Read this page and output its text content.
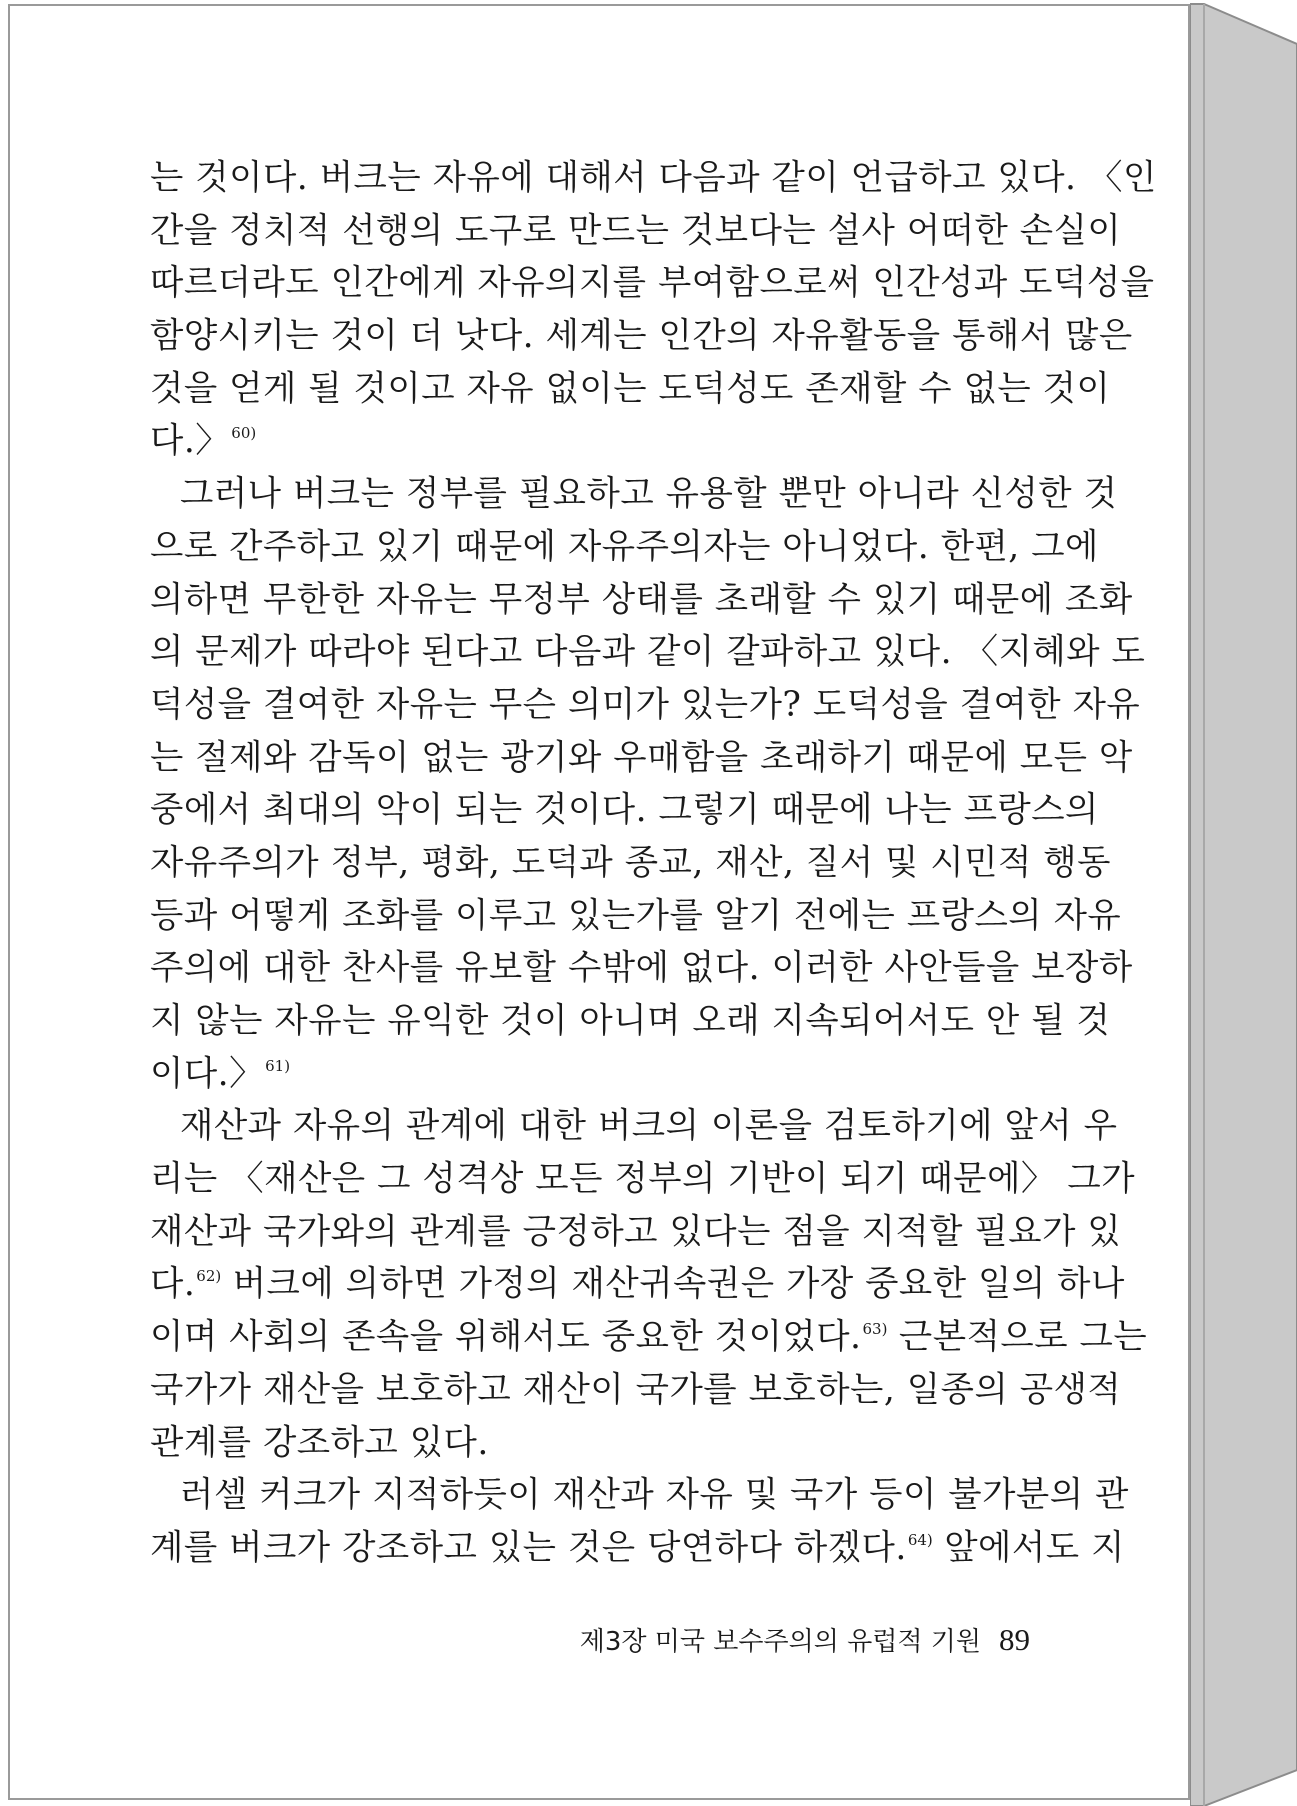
는 것이다. 버크는 자유에 대해서 다음과 같이 언급하고 있다. 〈인
간을 정치적 선행의 도구로 만드는 것보다는 설사 어떠한 손실이
따르더라도 인간에게 자유의지를 부여함으로써 인간성과 도덕성을
함양시키는 것이 더 낫다. 세계는 인간의 자유활동을 통해서 많은
것을 얻게 될 것이고 자유 없이는 도덕성도 존재할 수 없는 것이
다.〉$^{60)}$
그러나 버크는 정부를 필요하고 유용할 뿐만 아니라 신성한 것
으로 간주하고 있기 때문에 자유주의자는 아니었다. 한편, 그에
의하면 무한한 자유는 무정부 상태를 초래할 수 있기 때문에 조화
의 문제가 따라야 된다고 다음과 같이 갈파하고 있다. 〈지혜와 도
덕성을 결여한 자유는 무슨 의미가 있는가? 도덕성을 결여한 자유
는 절제와 감독이 없는 광기와 우매함을 초래하기 때문에 모든 악
중에서 최대의 악이 되는 것이다. 그렇기 때문에 나는 프랑스의
자유주의가 정부, 평화, 도덕과 종교, 재산, 질서 및 시민적 행동
등과 어떻게 조화를 이루고 있는가를 알기 전에는 프랑스의 자유
주의에 대한 찬사를 유보할 수밖에 없다. 이러한 사안들을 보장하
지 않는 자유는 유익한 것이 아니며 오래 지속되어서도 안 될 것
이다.〉$^{61)}$
재산과 자유의 관계에 대한 버크의 이론을 검토하기에 앞서 우
리는 〈재산은 그 성격상 모든 정부의 기반이 되기 때문에〉 그가
재산과 국가와의 관계를 긍정하고 있다는 점을 지적할 필요가 있
다.$^{62)}$ 버크에 의하면 가정의 재산귀속권은 가장 중요한 일의 하나
이며 사회의 존속을 위해서도 중요한 것이었다.$^{63)}$ 근본적으로 그는
국가가 재산을 보호하고 재산이 국가를 보호하는, 일종의 공생적
관계를 강조하고 있다.
러셀 커크가 지적하듯이 재산과 자유 및 국가 등이 불가분의 관
계를 버크가 강조하고 있는 것은 당연하다 하겠다.$^{64)}$ 앞에서도 지
제3장 미국 보수주의의 유럽적 기원 89
